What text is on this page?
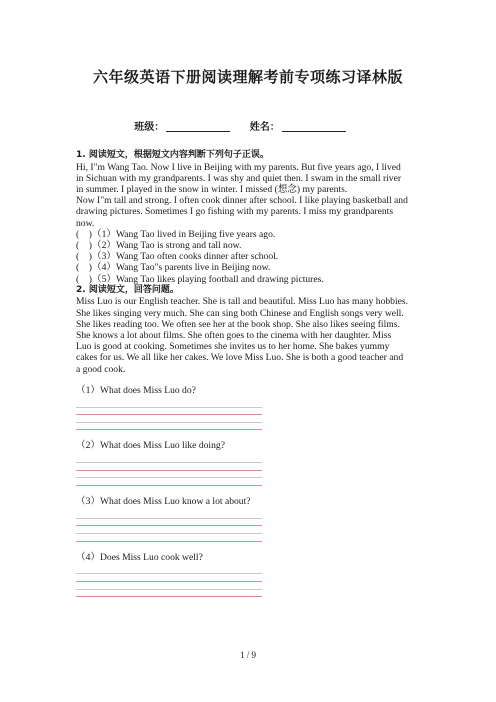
六年级英语下册阅读理解考前专项练习译林版
班级：	姓名：

1. 阅读短文，根据短文内容判断下列句子正误。

Hi, I"m Wang Tao. Now I live in Beijing with my parents. But five years ago, I lived

in Sichuan with my grandparents. I was shy and quiet then. I swam in the small river

in summer. I played in the snow in winter. I missed (想念) my parents.

Now I"m tall and strong. I often cook dinner after school. I like playing basketball and

drawing pictures. Sometimes I go fishing with my parents. I miss my grandparents

now.

(　)（1）Wang Tao lived in Beijing five years ago.

(　)（2）Wang Tao is strong and tall now.

(　)（3）Wang Tao often cooks dinner after school.

(　)（4）Wang Tao"s parents live in Beijing now.

(　)（5）Wang Tao likes playing football and drawing pictures.

2. 阅读短文，回答问题。

Miss Luo is our English teacher. She is tall and beautiful. Miss Luo has many hobbies.

She likes singing very much. She can sing both Chinese and English songs very well.

She likes reading too. We often see her at the book shop. She also likes seeing films.

She knows a lot about films. She often goes to the cinema with her daughter. Miss

Luo is good at cooking. Sometimes she invites us to her home. She bakes yummy

cakes for us. We all like her cakes. We love Miss Luo. She is both a good teacher and

a good cook.

（1）What does Miss Luo do?

（2）What does Miss Luo like doing?

（3）What does Miss Luo know a lot about?

（4）Does Miss Luo cook well?

1 / 9
